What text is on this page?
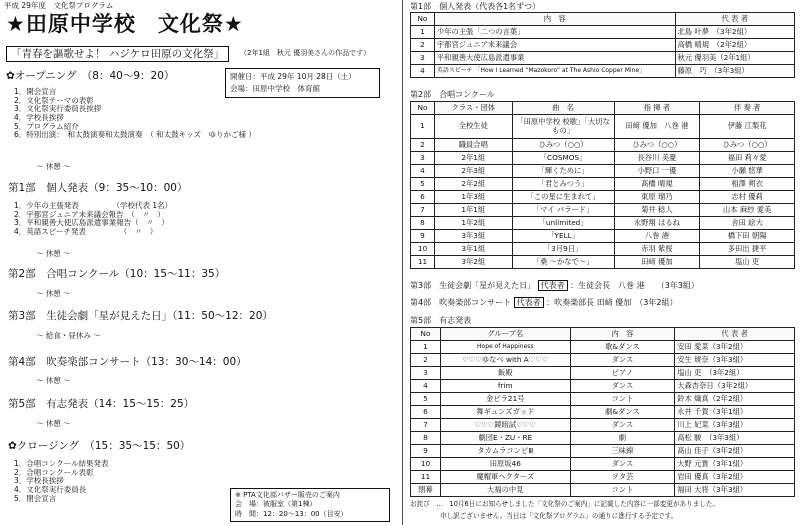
平成 29年度　文化祭プログラム
★田原中学校　文化祭★
「青春を謳歌せよ！ ハジケロ田原の文化祭」	（2年1組　秋元 優羽美さんの作品です）
開催日：平成 29年 10月 28日（土）
会場：田原中学校　体育館
✿オープニング　（8：40～9：20）
1．開会宣言
2．文化祭テーマの表彰
3．文化祭実行委員長挨拶
4．学校長挨拶
5．プログラム紹介
6．特別出演：　和太鼓演奏和太鼓演奏　（ 和太鼓キッズ　ゆりかご様 ）
～ 休憩 ～
第1部　個人発表（9：35～10：00）
1．少年の主張発表　　　　　（学校代表 1名）
2．宇都宮ジュニア未来議会報告　（　〃　）
3．平和親善大使広島派遣事業報告（　〃　）
4．英語スピーチ発表　　　　　（　〃　）
～ 休憩 ～
第2部　合唱コンクール（10：15～11：35）
～ 休憩 ～
第3部　生徒会劇「星が見えた日」（11：50～12：20）
～ 給食・昼休み ～
第4部　吹奏楽部コンサート（13：30～14：00）
～ 休憩 ～
第5部　有志発表（14：15～15：25）
～ 休憩 ～
✿クロージング　（15：35～15：50）
1．合唱コンクール結果発表
2．合唱コンクール表彰
3．学校長挨拶
4．文化祭実行委員長
5．閉会宣言	※ PTA文化部バザー販売のご案内
会　場：被服室（第1棟）
時　間：12：20～13：00（目安）
第1部　個人発表（代表各1名ずつ）
No	内　容	代 表 者
1	少年の主張「二つの言葉」	北島 叶夢　（3年2組）
2	宇都宮ジュニア未来議会	高橋 晴規　（2年2組）
3	平和親善大使広島派遣事業	秋元 優羽美（2年1組）
4	英語スピーチ 「How I Learned “Mazokoro” at The Ashio Copper Mine」	藤原　巧　（3年3組）
第2部　合唱コンクール
No	クラス・団体	曲　名	指 揮 者	伴 奏 者
1	全校生徒	「田原中学校 校歌」「大切なもの」	田﨑 優加　八巻 港	伊藤 江梨花
2	職員合唱	ひみつ（○○）	ひみつ（○○）	ひみつ（○○）
3	2年1組	「COSMOS」	長谷川 美憂	福田 莉々愛
4	2年3組	「輝くために」	小野口 一優	小瀬 悠華
5	2年2組	「君とみつう」	髙橋 晴規	相澤 朔衣
6	1年3組	「この星に生まれて」	東原 瑠乃	志村 優莉
7	1年1組	「マイ バラード」	菊井 稔人	山本 麻紗 愛美
8	1年2組	「unlimited」	永野翔 はるね	舎田 絵大
9	3年3組	「YELL」	八巻 港	橋下田 朝陽
10	3年1組	「3月9日」	赤羽 紫桜	多田出 捷平
11	3年2組	「桑 ～かなで～」	田﨑 優加	塩山 吏
第3部　生徒会劇「星が見えた日」 代表者 ：生徒会長　八巻 港　　（3年3組）
第4部　吹奏楽部コンサート 代表者 ：吹奏楽部長 田﨑 優加　（3年2組）
第5部　有志発表
No	グループ名	内　容	代 表 者
1	Hope of Happiness	歌&ダンス	安田 愛菜（3年2組）
2	♡♡♡ゆなぺ with A♡♡♡	ダンス	安生 琥奈（3年3組）
3	飯殿	ピアノ	塩山 吏　（3年2組）
4	frim	ダンス	大森杏奈日（3年2組）
5	金ピラ21号	コント	鈴木 熾真（2年2組）
6	舞ギュンズガッド	劇&ダンス	永井 千賀（3年1組）
7	♡♡♡鏡暗試♡♡♡	ダンス	川上 妃菜（3年3組）
8	劇団E・ZU・RE	劇	高松 駿　（3年3組）
9	タカムラコンビⅢ	三味線	髙山 佳子（3年2組）
10	田原坂46	ダンス	大野 元貴（3年1組）
11	魔帽軍ヘクターズ	ヲタ芸	岩田 優真（3年2組）
閉幕	大福の中見	コント	福田 大将（3年3組）
お詫び　…　10月6日にお知らせしました「文化祭のご案内」に記載した内容に一部変更がありました。
申し訳ございません。当日は「文化祭プログラム」の通りに進行する予定です。
